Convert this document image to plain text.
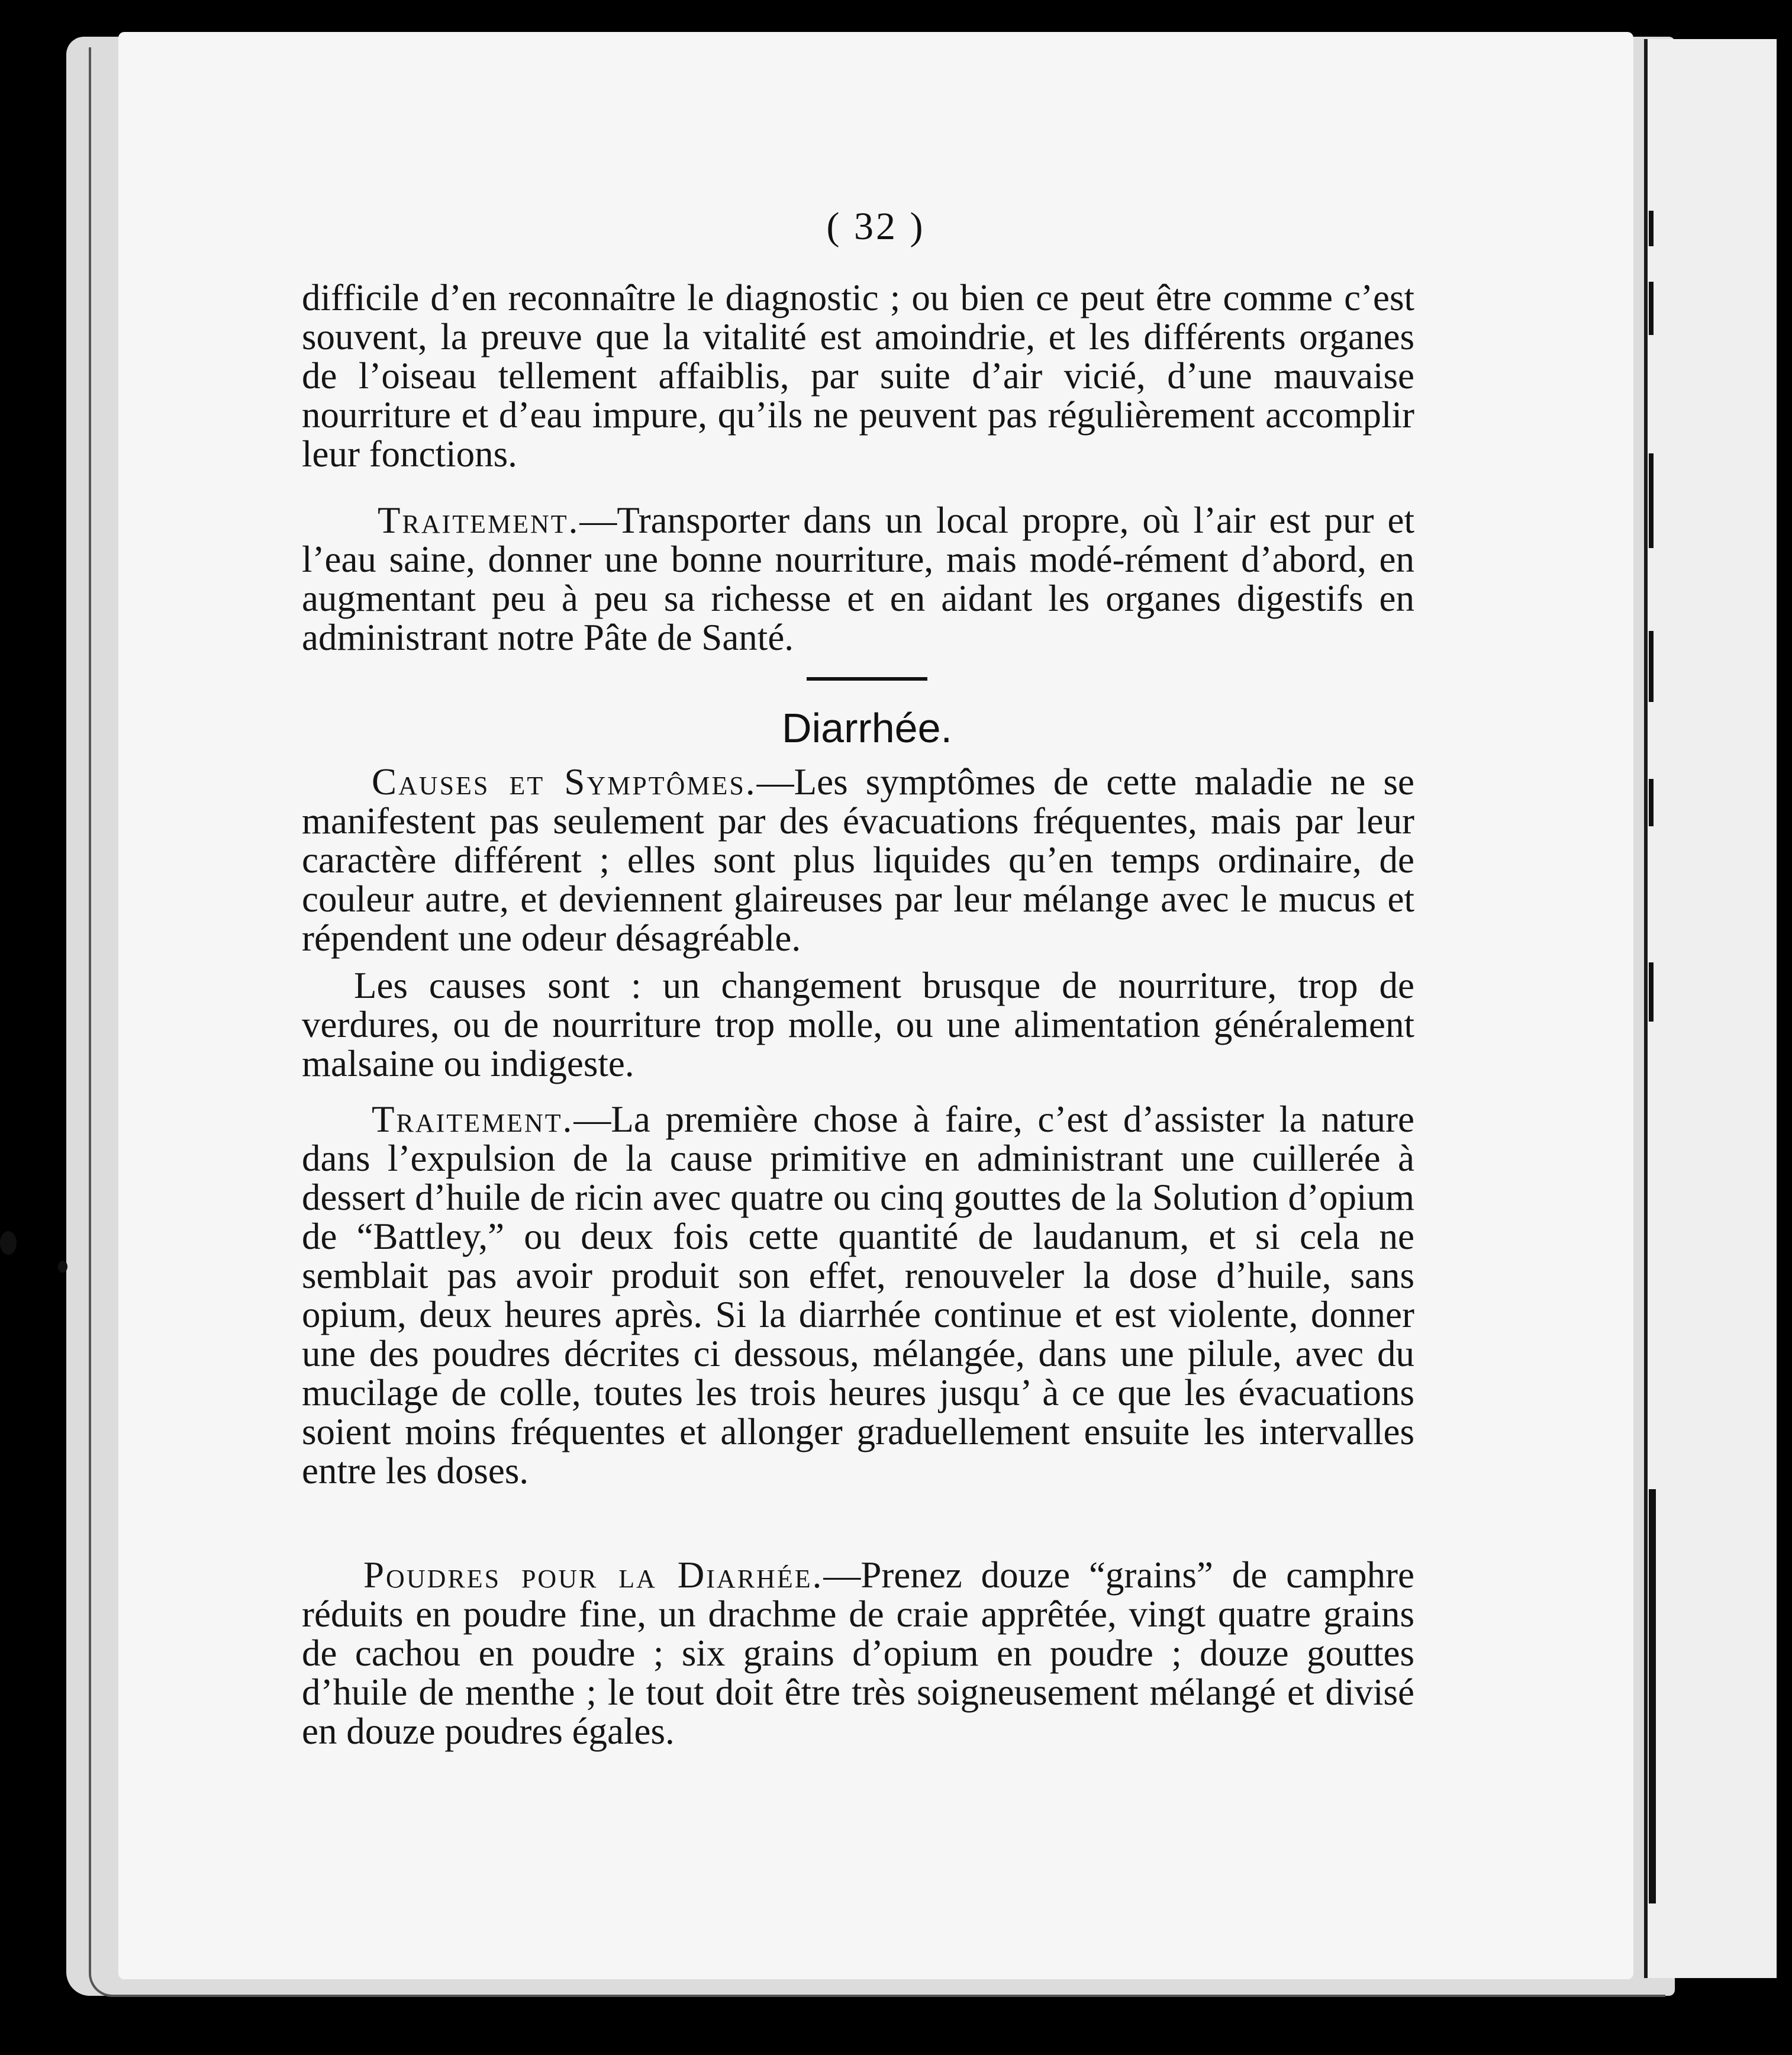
( 32 )

difficile d’en reconnaître le diagnostic ; ou bien ce peut être comme c’est souvent, la preuve que la vitalité est amoindrie, et les différents organes de l’oiseau tellement affaiblis, par suite d’air vicié, d’une mauvaise nourriture et d’eau impure, qu’ils ne peuvent pas régulièrement accomplir leur fonctions.

Traitement.—Transporter dans un local propre, où l’air est pur et l’eau saine, donner une bonne nourriture, mais modé-rément d’abord, en augmentant peu à peu sa richesse et en aidant les organes digestifs en administrant notre Pâte de Santé.

Diarrhée.

Causes et Symptômes.—Les symptômes de cette maladie ne se manifestent pas seulement par des évacuations fréquentes, mais par leur caractère différent ; elles sont plus liquides qu’en temps ordinaire, de couleur autre, et deviennent glaireuses par leur mélange avec le mucus et répendent une odeur désagréable.

Les causes sont : un changement brusque de nourriture, trop de verdures, ou de nourriture trop molle, ou une alimentation généralement malsaine ou indigeste.

Traitement.—La première chose à faire, c’est d’assister la nature dans l’expulsion de la cause primitive en administrant une cuillerée à dessert d’huile de ricin avec quatre ou cinq gouttes de la Solution d’opium de “Battley,” ou deux fois cette quantité de laudanum, et si cela ne semblait pas avoir produit son effet, renouveler la dose d’huile, sans opium, deux heures après. Si la diarrhée continue et est violente, donner une des poudres décrites ci dessous, mélangée, dans une pilule, avec du mucilage de colle, toutes les trois heures jusqu’ à ce que les évacuations soient moins fréquentes et allonger graduellement ensuite les intervalles entre les doses.

Poudres pour la Diarhée.—Prenez douze “grains” de camphre réduits en poudre fine, un drachme de craie apprêtée, vingt quatre grains de cachou en poudre ; six grains d’opium en poudre ; douze gouttes d’huile de menthe ; le tout doit être très soigneusement mélangé et divisé en douze poudres égales.
